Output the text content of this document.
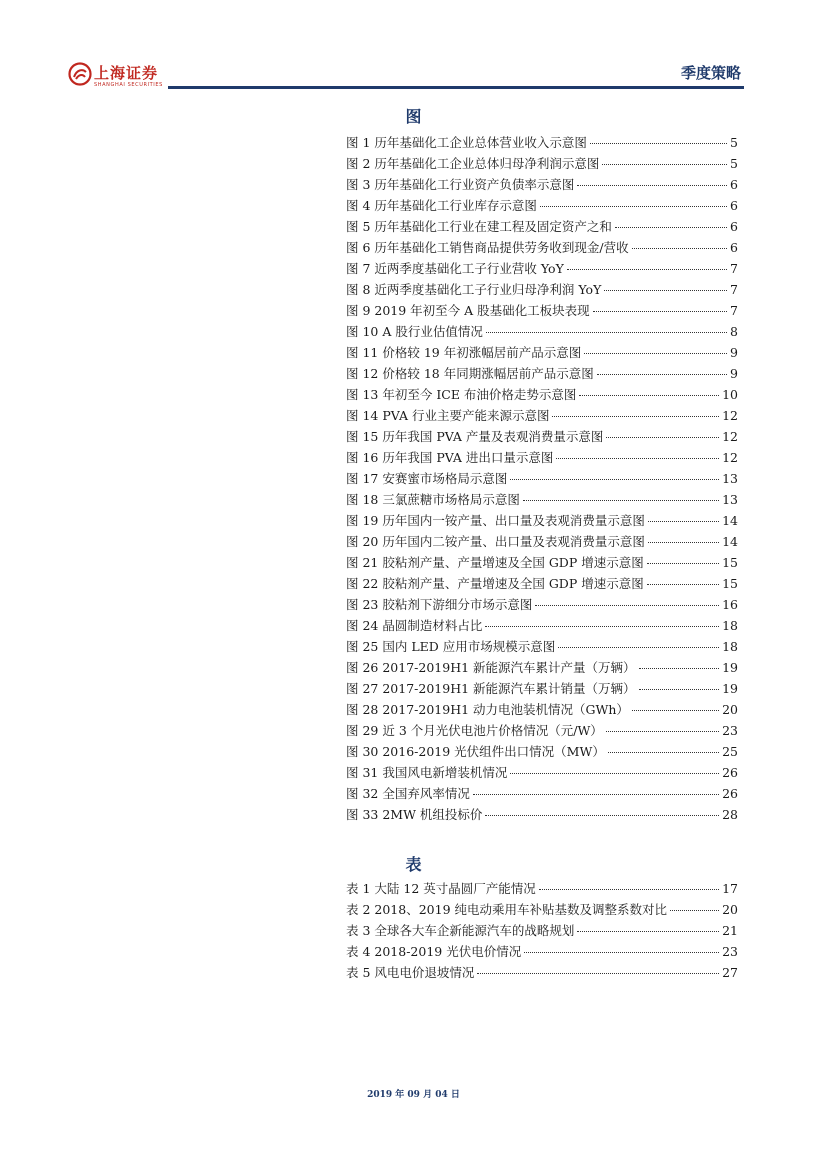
上海证券
SHANGHAI SECURITIES
季度策略
图
图 1 历年基础化工企业总体营业收入示意图	5
图 2 历年基础化工企业总体归母净利润示意图	5
图 3 历年基础化工行业资产负债率示意图	6
图 4 历年基础化工行业库存示意图	6
图 5 历年基础化工行业在建工程及固定资产之和	6
图 6 历年基础化工销售商品提供劳务收到现金/营收	6
图 7 近两季度基础化工子行业营收 YoY	7
图 8 近两季度基础化工子行业归母净利润 YoY	7
图 9 2019 年初至今 A 股基础化工板块表现	7
图 10 A 股行业估值情况	8
图 11 价格较 19 年初涨幅居前产品示意图	9
图 12 价格较 18 年同期涨幅居前产品示意图	9
图 13 年初至今 ICE 布油价格走势示意图	10
图 14 PVA 行业主要产能来源示意图	12
图 15 历年我国 PVA 产量及表观消费量示意图	12
图 16 历年我国 PVA 进出口量示意图	12
图 17 安赛蜜市场格局示意图	13
图 18 三氯蔗糖市场格局示意图	13
图 19 历年国内一铵产量、出口量及表观消费量示意图	14
图 20 历年国内二铵产量、出口量及表观消费量示意图	14
图 21 胶粘剂产量、产量增速及全国 GDP 增速示意图	15
图 22 胶粘剂产量、产量增速及全国 GDP 增速示意图	15
图 23 胶粘剂下游细分市场示意图	16
图 24 晶圆制造材料占比	18
图 25 国内 LED 应用市场规模示意图	18
图 26 2017-2019H1 新能源汽车累计产量（万辆）	19
图 27 2017-2019H1 新能源汽车累计销量（万辆）	19
图 28 2017-2019H1 动力电池装机情况（GWh）	20
图 29 近 3 个月光伏电池片价格情况（元/W）	23
图 30 2016-2019 光伏组件出口情况（MW）	25
图 31 我国风电新增装机情况	26
图 32 全国弃风率情况	26
图 33 2MW 机组投标价	28
表
表 1 大陆 12 英寸晶圆厂产能情况	17
表 2 2018、2019 纯电动乘用车补贴基数及调整系数对比	20
表 3 全球各大车企新能源汽车的战略规划	21
表 4 2018-2019 光伏电价情况	23
表 5 风电电价退坡情况	27
2019 年 09 月 04 日
